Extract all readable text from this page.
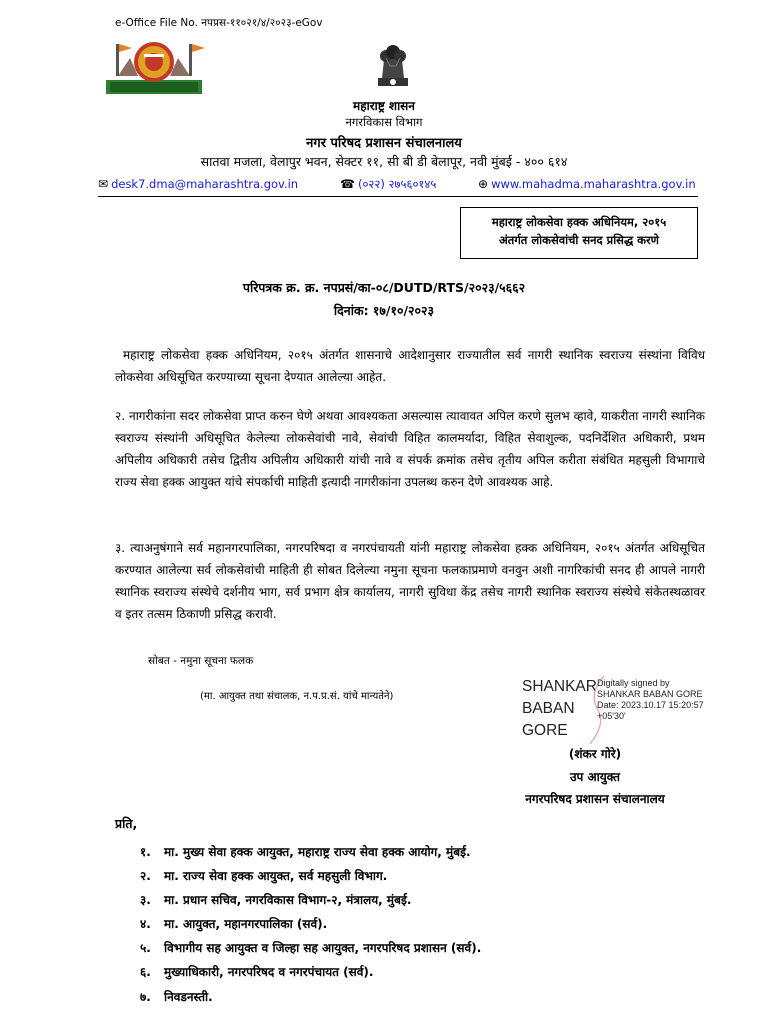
e-Office File No. नपप्रस-११०२१/४/२०२३-eGov
महाराष्ट्र शासन
नगरविकास विभाग
नगर परिषद प्रशासन संचालनालय
सातवा मजला, वेलापुर भवन, सेक्टर ११, सी बी डी बेलापूर, नवी मुंबई - ४०० ६१४
✉ desk7.dma@maharashtra.gov.in	☎ (०२२) २७५६०१४५	⊕ www.mahadma.maharashtra.gov.in
महाराष्ट्र लोकसेवा हक्क अधिनियम, २०१५
अंतर्गत लोकसेवांची सनद प्रसिद्ध करणे
परिपत्रक क्र. क्र. नपप्रसं/का-०८/DUTD/RTS/२०२३/५६६२
दिनांक: १७/१०/२०२३
महाराष्ट्र लोकसेवा हक्क अधिनियम, २०१५ अंतर्गत शासनाचे आदेशानुसार राज्यातील सर्व नागरी स्थानिक स्वराज्य संस्थांना विविध लोकसेवा अधिसूचित करण्याच्या सूचना देण्यात आलेल्या आहेत.
२. नागरीकांना सदर लोकसेवा प्राप्त करुन घेणे अथवा आवश्यकता असल्यास त्यावावत अपिल करणे सुलभ व्हावे, याकरीता नागरी स्थानिक स्वराज्य संस्थांनी अधिसूचित केलेल्या लोकसेवांची नावे, सेवांची विहित कालमर्यादा, विहित सेवाशुल्क, पदनिर्देशित अधिकारी, प्रथम अपिलीय अधिकारी तसेच द्वितीय अपिलीय अधिकारी यांची नावे व संपर्क क्रमांक तसेच तृतीय अपिल करीता संबंधित महसुली विभागाचे राज्य सेवा हक्क आयुक्त यांचे संपर्काची माहिती इत्यादी नागरीकांना उपलब्ध करुन देणे आवश्यक आहे.
३. त्याअनुषंगाने सर्व महानगरपालिका, नगरपरिषदा व नगरपंचायती यांनी महाराष्ट्र लोकसेवा हक्क अधिनियम, २०१५ अंतर्गत अधिसूचित करण्यात आलेल्या सर्व लोकसेवांची माहिती ही सोबत दिलेल्या नमुना सूचना फलकाप्रमाणे वनवुन अशी नागरिकांची सनद ही आपले नागरी स्थानिक स्वराज्य संस्थेचे दर्शनीय भाग, सर्व प्रभाग क्षेत्र कार्यालय, नागरी सुविधा केंद्र तसेच नागरी स्थानिक स्वराज्य संस्थेचे संकेतस्थळावर व इतर तत्सम ठिकाणी प्रसिद्ध करावी.
सोबत - नमुना सूचना फलक
(मा. आयुक्त तथा संचालक, न.प.प्र.सं. यांचे मान्यतेने)
SHANKAR BABAN GORE
Digitally signed by SHANKAR BABAN GORE
Date: 2023.10.17 15:20:57 +05'30'
(शंकर गोरे)
उप आयुक्त
नगरपरिषद प्रशासन संचालनालय
प्रति,
१. मा. मुख्य सेवा हक्क आयुक्त, महाराष्ट्र राज्य सेवा हक्क आयोग, मुंबई.
२. मा. राज्य सेवा हक्क आयुक्त, सर्व महसुली विभाग.
३. मा. प्रधान सचिव, नगरविकास विभाग-२, मंत्रालय, मुंबई.
४. मा. आयुक्त, महानगरपालिका (सर्व).
५. विभागीय सह आयुक्त व जिल्हा सह आयुक्त, नगरपरिषद प्रशासन (सर्व).
६. मुख्याधिकारी, नगरपरिषद व नगरपंचायत (सर्व).
७. निवडनस्ती.
